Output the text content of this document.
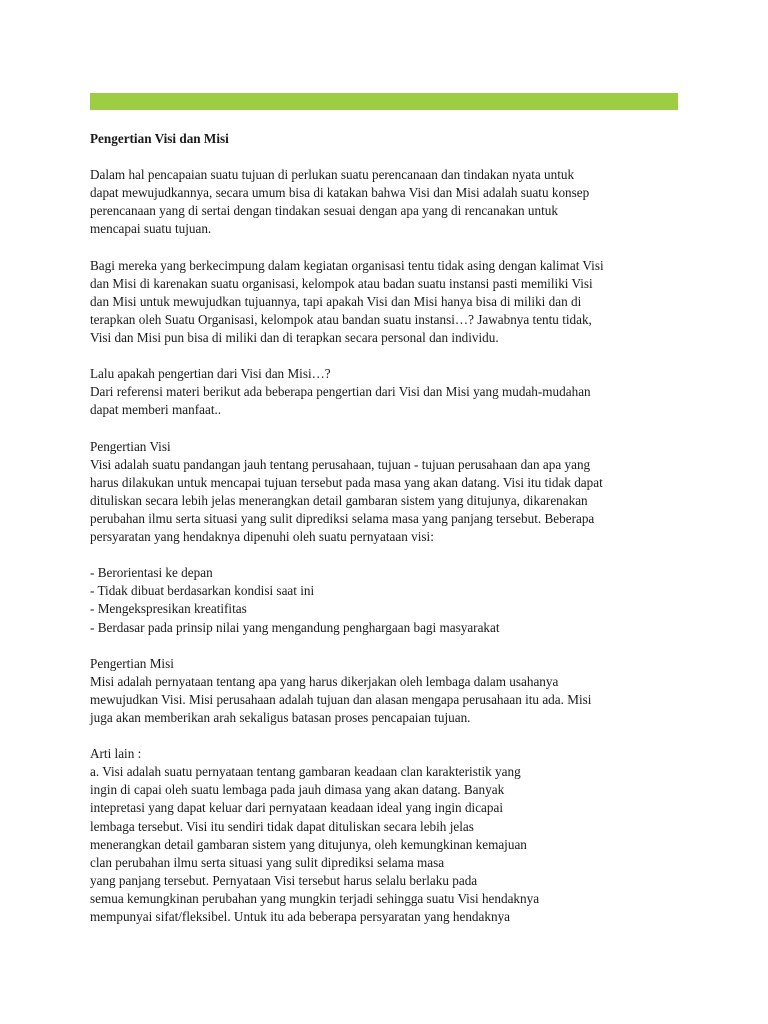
Pengertian Visi dan Misi
Dalam hal pencapaian suatu tujuan di perlukan suatu perencanaan dan tindakan nyata untuk
dapat mewujudkannya, secara umum bisa di katakan bahwa Visi dan Misi adalah suatu konsep
perencanaan yang di sertai dengan tindakan sesuai dengan apa yang di rencanakan untuk
mencapai suatu tujuan.
Bagi mereka yang berkecimpung dalam kegiatan organisasi tentu tidak asing dengan kalimat Visi
dan Misi di karenakan suatu organisasi, kelompok atau badan suatu instansi pasti memiliki Visi
dan Misi untuk mewujudkan tujuannya, tapi apakah Visi dan Misi hanya bisa di miliki dan di
terapkan oleh Suatu Organisasi, kelompok atau bandan suatu instansi…? Jawabnya tentu tidak,
Visi dan Misi pun bisa di miliki dan di terapkan secara personal dan individu.
Lalu apakah pengertian dari Visi dan Misi…?
Dari referensi materi berikut ada beberapa pengertian dari Visi dan Misi yang mudah-mudahan
dapat memberi manfaat..
Pengertian Visi
Visi adalah suatu pandangan jauh tentang perusahaan, tujuan - tujuan perusahaan dan apa yang
harus dilakukan untuk mencapai tujuan tersebut pada masa yang akan datang. Visi itu tidak dapat
dituliskan secara lebih jelas menerangkan detail gambaran sistem yang ditujunya, dikarenakan
perubahan ilmu serta situasi yang sulit diprediksi selama masa yang panjang tersebut. Beberapa
persyaratan yang hendaknya dipenuhi oleh suatu pernyataan visi:
- Berorientasi ke depan
- Tidak dibuat berdasarkan kondisi saat ini
- Mengekspresikan kreatifitas
- Berdasar pada prinsip nilai yang mengandung penghargaan bagi masyarakat
Pengertian Misi
Misi adalah pernyataan tentang apa yang harus dikerjakan oleh lembaga dalam usahanya
mewujudkan Visi. Misi perusahaan adalah tujuan dan alasan mengapa perusahaan itu ada. Misi
juga akan memberikan arah sekaligus batasan proses pencapaian tujuan.
Arti lain :
a. Visi adalah suatu pernyataan tentang gambaran keadaan clan karakteristik yang
ingin di capai oleh suatu lembaga pada jauh dimasa yang akan datang. Banyak
intepretasi yang dapat keluar dari pernyataan keadaan ideal yang ingin dicapai
lembaga tersebut. Visi itu sendiri tidak dapat dituliskan secara lebih jelas
menerangkan detail gambaran sistem yang ditujunya, oleh kemungkinan kemajuan
clan perubahan ilmu serta situasi yang sulit diprediksi selama masa
yang panjang tersebut. Pernyataan Visi tersebut harus selalu berlaku pada
semua kemungkinan perubahan yang mungkin terjadi sehingga suatu Visi hendaknya
mempunyai sifat/fleksibel. Untuk itu ada beberapa persyaratan yang hendaknya
